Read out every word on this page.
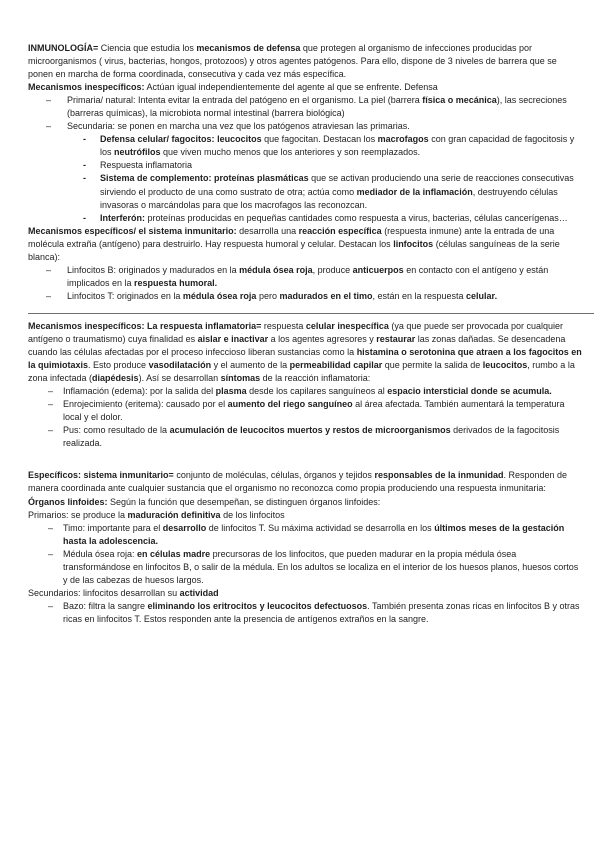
INMUNOLOGÍA= Ciencia que estudia los mecanismos de defensa que protegen al organismo de infecciones producidas por microorganismos ( virus, bacterias, hongos, protozoos) y otros agentes patógenos. Para ello, dispone de 3 niveles de barrera que se ponen en marcha de forma coordinada, consecutiva y cada vez más específica.

Mecanismos inespecíficos: Actúan igual independientemente del agente al que se enfrente. Defensa

– Primaria/ natural: Intenta evitar la entrada del patógeno en el organismo. La piel (barrera física o mecánica), las secreciones (barreras químicas), la microbiota normal intestinal (barrera biológica)

– Secundaria: se ponen en marcha una vez que los patógenos atraviesan las primarias.

- Defensa celular/ fagocitos: leucocitos que fagocitan. Destacan los macrofagos con gran capacidad de fagocitosis y los neutrófilos que viven mucho menos que los anteriores y son reemplazados.

- Respuesta inflamatoria

- Sistema de complemento: proteínas plasmáticas que se activan produciendo una serie de reacciones consecutivas sirviendo el producto de una como sustrato de otra; actúa como mediador de la inflamación, destruyendo células invasoras o marcándolas para que los macrofagos las reconozcan.

- Interferón: proteínas producidas en pequeñas cantidades como respuesta a virus, bacterias, células cancerígenas…

Mecanismos específicos/ el sistema inmunitario: desarrolla una reacción específica (respuesta inmune) ante la entrada de una molécula extraña (antígeno) para destruirlo. Hay respuesta humoral y celular. Destacan los linfocitos (células sanguíneas de la serie blanca):

– Linfocitos B: originados y madurados en la médula ósea roja, produce anticuerpos en contacto con el antígeno y están implicados en la respuesta humoral.

– Linfocitos T: originados en la médula ósea roja pero madurados en el timo, están en la respuesta celular.

Mecanismos inespecíficos: La respuesta inflamatoria= respuesta celular inespecífica (ya que puede ser provocada por cualquier antígeno o traumatismo) cuya finalidad es aislar e inactivar a los agentes agresores y restaurar las zonas dañadas. Se desencadena cuando las células afectadas por el proceso infeccioso liberan sustancias como la histamina o serotonina que atraen a los fagocitos en la quimiotaxis. Esto produce vasodilatación y el aumento de la permeabilidad capilar que permite la salida de leucocitos, rumbo a la zona infectada (diapédesis). Así se desarrollan síntomas de la reacción inflamatoria:

– Inflamación (edema): por la salida del plasma desde los capilares sanguíneos al espacio intersticial donde se acumula.

– Enrojecimiento (eritema): causado por el aumento del riego sanguíneo al área afectada. También aumentará la temperatura local y el dolor.

– Pus: como resultado de la acumulación de leucocitos muertos y restos de microorganismos derivados de la fagocitosis realizada.

Específicos: sistema inmunitario= conjunto de moléculas, células, órganos y tejidos responsables de la inmunidad. Responden de manera coordinada ante cualquier sustancia que el organismo no reconozca como propia produciendo una respuesta inmunitaria:

Órganos linfoides: Según la función que desempeñan, se distinguen órganos linfoides:

Primarios: se produce la maduración definitiva de los linfocitos

– Timo: importante para el desarrollo de linfocitos T. Su máxima actividad se desarrolla en los últimos meses de la gestación hasta la adolescencia.

– Médula ósea roja: en células madre precursoras de los linfocitos, que pueden madurar en la propia médula ósea transformándose en linfocitos B, o salir de la médula. En los adultos se localiza en el interior de los huesos planos, huesos cortos y de las cabezas de huesos largos.

Secundarios: linfocitos desarrollan su actividad

– Bazo: filtra la sangre eliminando los eritrocitos y leucocitos defectuosos. También presenta zonas ricas en linfocitos B y otras ricas en linfocitos T. Estos responden ante la presencia de antígenos extraños en la sangre.
